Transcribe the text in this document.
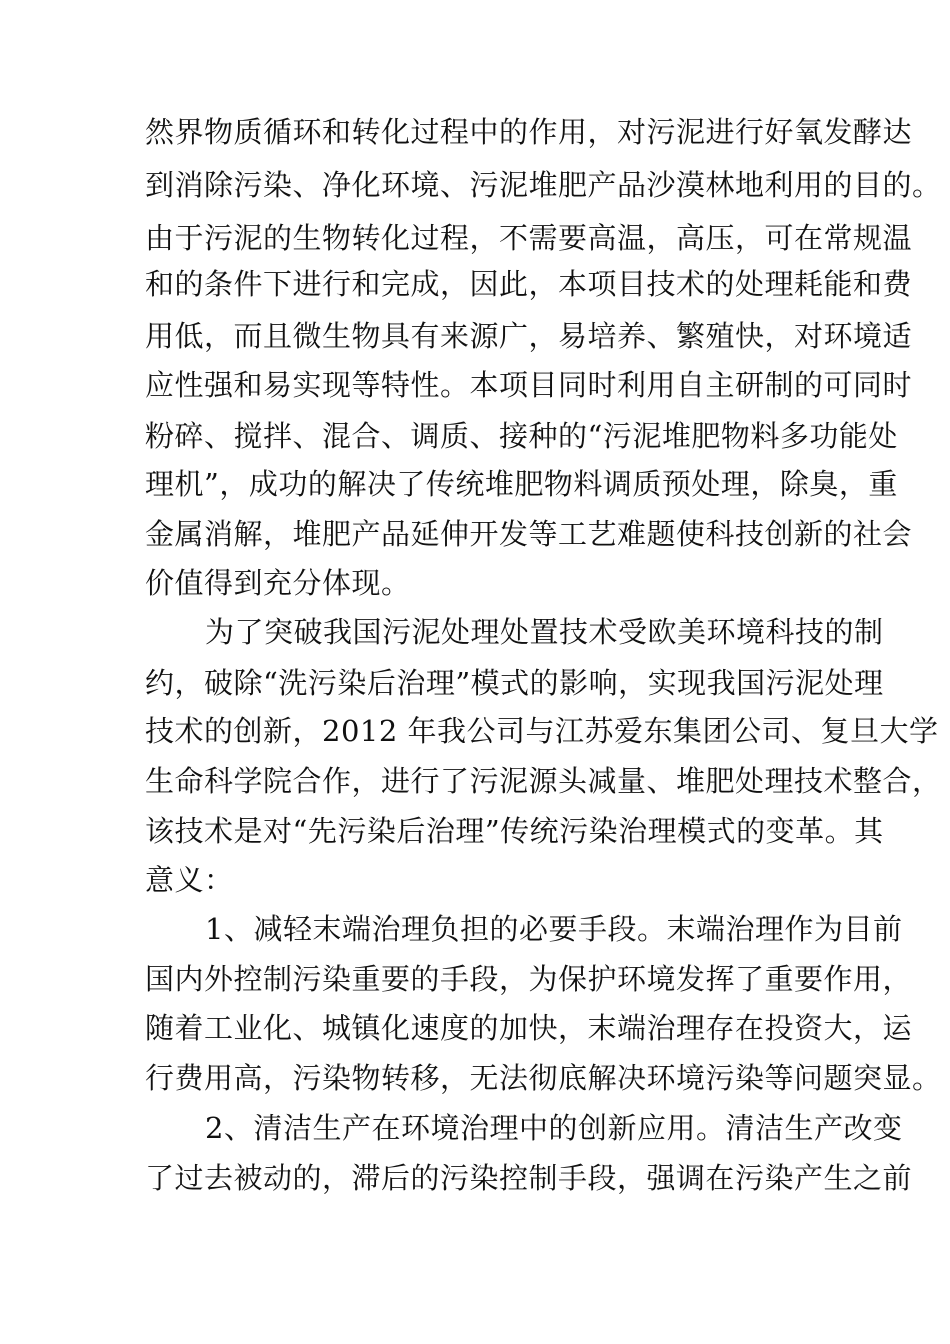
然界物质循环和转化过程中的作用，对污泥进行好氧发酵达
到消除污染、净化环境、污泥堆肥产品沙漠林地利用的目的。
由于污泥的生物转化过程，不需要高温，高压，可在常规温
和的条件下进行和完成，因此，本项目技术的处理耗能和费
用低，而且微生物具有来源广，易培养、繁殖快，对环境适
应性强和易实现等特性。本项目同时利用自主研制的可同时
粉碎、搅拌、混合、调质、接种的“污泥堆肥物料多功能处
理机”，成功的解决了传统堆肥物料调质预处理，除臭，重
金属消解，堆肥产品延伸开发等工艺难题使科技创新的社会
价值得到充分体现。
为了突破我国污泥处理处置技术受欧美环境科技的制
约，破除“洗污染后治理”模式的影响，实现我国污泥处理
技术的创新，2012 年我公司与江苏爱东集团公司、复旦大学
生命科学院合作，进行了污泥源头减量、堆肥处理技术整合，
该技术是对“先污染后治理”传统污染治理模式的变革。其
意义：
1、减轻末端治理负担的必要手段。末端治理作为目前
国内外控制污染重要的手段，为保护环境发挥了重要作用，
随着工业化、城镇化速度的加快，末端治理存在投资大，运
行费用高，污染物转移，无法彻底解决环境污染等问题突显。
2、清洁生产在环境治理中的创新应用。清洁生产改变
了过去被动的，滞后的污染控制手段，强调在污染产生之前
